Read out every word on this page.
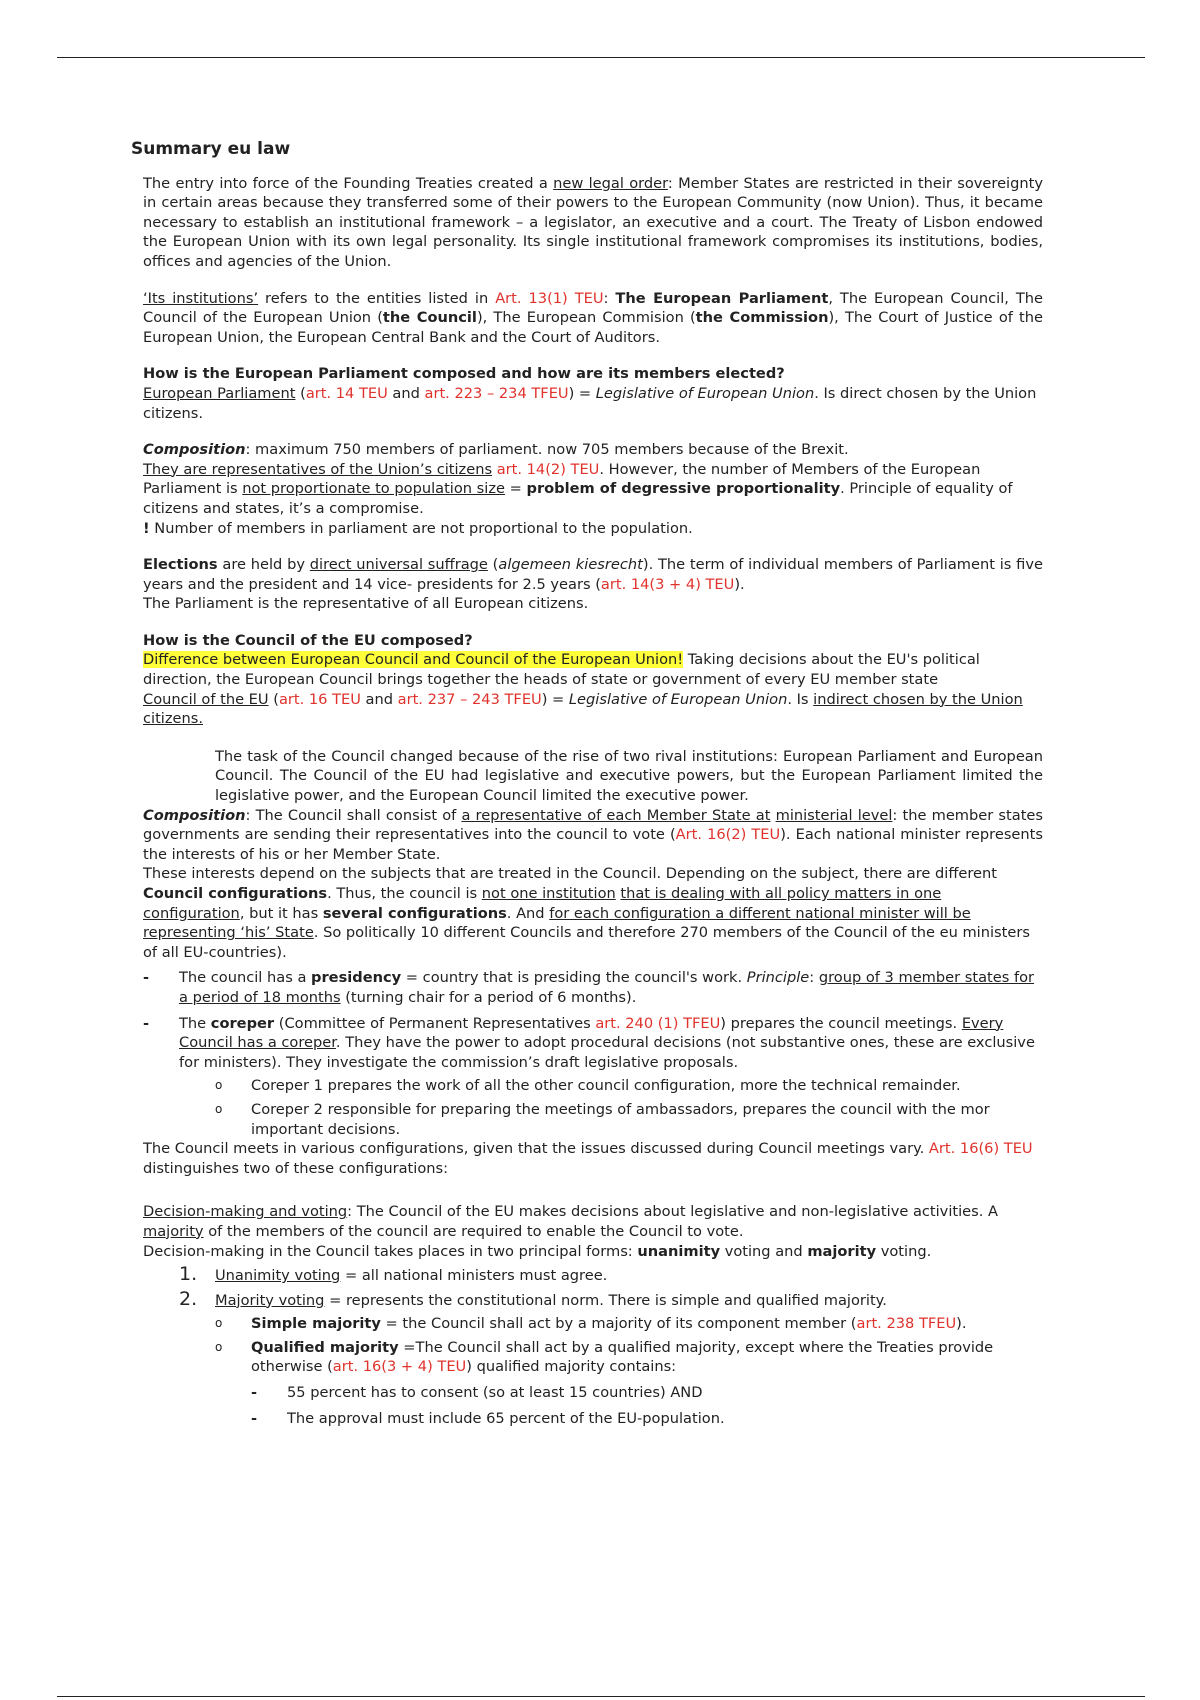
Summary eu law

The entry into force of the Founding Treaties created a new legal order: Member States are restricted in their sovereignty in certain areas because they transferred some of their powers to the European Community (now Union). Thus, it became necessary to establish an institutional framework – a legislator, an executive and a court. The Treaty of Lisbon endowed the European Union with its own legal personality. Its single institutional framework compromises its institutions, bodies, offices and agencies of the Union.

‘Its institutions’ refers to the entities listed in Art. 13(1) TEU: The European Parliament, The European Council, The Council of the European Union (the Council), The European Commision (the Commission), The Court of Justice of the European Union, the European Central Bank and the Court of Auditors.

How is the European Parliament composed and how are its members elected?

European Parliament (art. 14 TEU and art. 223 – 234 TFEU) = Legislative of European Union. Is direct chosen by the Union citizens.

Composition: maximum 750 members of parliament. now 705 members because of the Brexit.

They are representatives of the Union’s citizens art. 14(2) TEU. However, the number of Members of the European Parliament is not proportionate to population size = problem of degressive proportionality. Principle of equality of citizens and states, it’s a compromise.

! Number of members in parliament are not proportional to the population.

Elections are held by direct universal suffrage (algemeen kiesrecht). The term of individual members of Parliament is five years and the president and 14 vice- presidents for 2.5 years (art. 14(3 + 4) TEU).

The Parliament is the representative of all European citizens.

How is the Council of the EU composed?

Difference between European Council and Council of the European Union! Taking decisions about the EU's political direction, the European Council brings together the heads of state or government of every EU member state

Council of the EU (art. 16 TEU and art. 237 – 243 TFEU) = Legislative of European Union. Is indirect chosen by the Union citizens.

The task of the Council changed because of the rise of two rival institutions: European Parliament and European Council. The Council of the EU had legislative and executive powers, but the European Parliament limited the legislative power, and the European Council limited the executive power.

Composition: The Council shall consist of a representative of each Member State at ministerial level: the member states governments are sending their representatives into the council to vote (Art. 16(2) TEU). Each national minister represents the interests of his or her Member State.

These interests depend on the subjects that are treated in the Council. Depending on the subject, there are different Council configurations. Thus, the council is not one institution that is dealing with all policy matters in one configuration, but it has several configurations. And for each configuration a different national minister will be representing ‘his’ State. So politically 10 different Councils and therefore 270 members of the Council of the eu ministers of all EU-countries).

-	The council has a presidency = country that is presiding the council's work. Principle: group of 3 member states for a period of 18 months (turning chair for a period of 6 months).
-	The coreper (Committee of Permanent Representatives art. 240 (1) TFEU) prepares the council meetings. Every Council has a coreper. They have the power to adopt procedural decisions (not substantive ones, these are exclusive for ministers). They investigate the commission’s draft legislative proposals.
o	Coreper 1 prepares the work of all the other council configuration, more the technical remainder.
o	Coreper 2 responsible for preparing the meetings of ambassadors, prepares the council with the mor important decisions.

The Council meets in various configurations, given that the issues discussed during Council meetings vary. Art. 16(6) TEU distinguishes two of these configurations:

Decision-making and voting: The Council of the EU makes decisions about legislative and non-legislative activities. A majority of the members of the council are required to enable the Council to vote.

Decision-making in the Council takes places in two principal forms: unanimity voting and majority voting.

1.	Unanimity voting = all national ministers must agree.
2.	Majority voting = represents the constitutional norm. There is simple and qualified majority.
o	Simple majority = the Council shall act by a majority of its component member (art. 238 TFEU).
o	Qualified majority =The Council shall act by a qualified majority, except where the Treaties provide otherwise (art. 16(3 + 4) TEU) qualified majority contains:
-	55 percent has to consent (so at least 15 countries) AND
-	The approval must include 65 percent of the EU-population.
